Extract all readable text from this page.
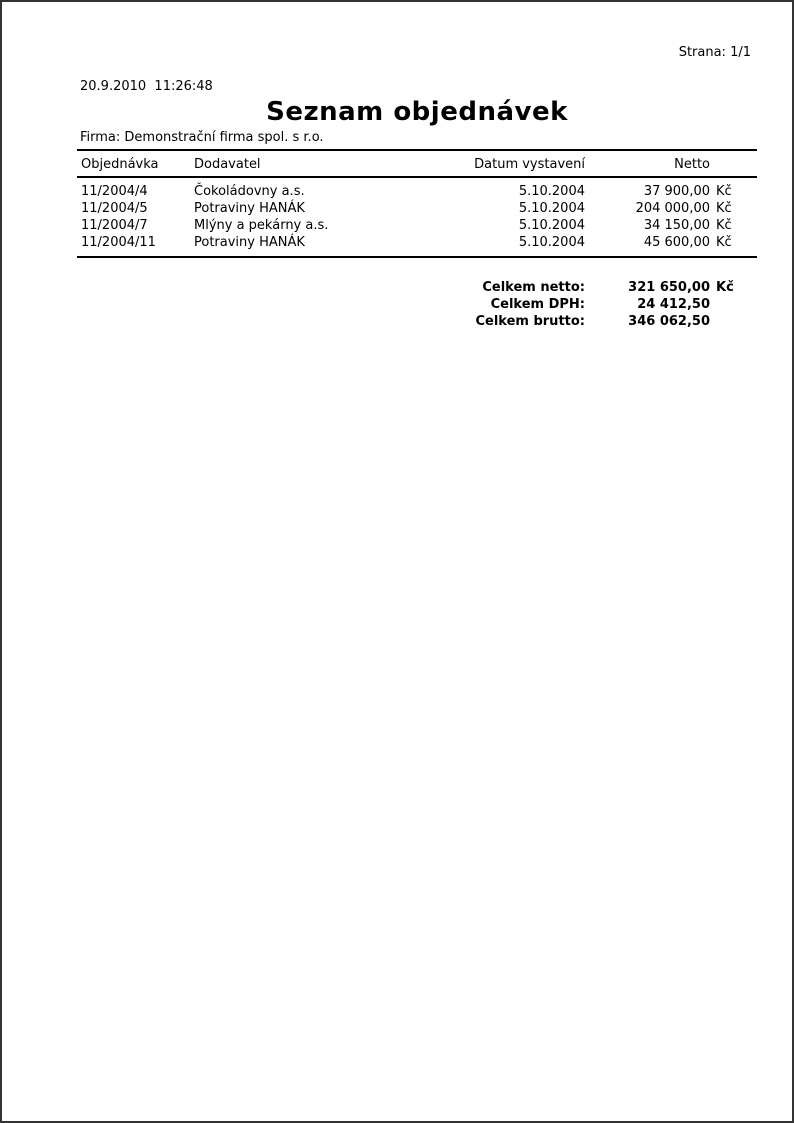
20.9.2010  11:26:48

Firma: Demonstrační firma spol. s r.o.

Strana: 1/1
Seznam objednávek
Objednávka	Dodavatel	Datum vystavení	Netto
11/2004/4	Čokoládovny a.s.	5.10.2004	37 900,00 Kč
11/2004/5	Potraviny HANÁK	5.10.2004	204 000,00 Kč
11/2004/7	Mlýny a pekárny a.s.	5.10.2004	34 150,00 Kč
11/2004/11	Potraviny HANÁK	5.10.2004	45 600,00 Kč
Celkem netto:	321 650,00 Kč
Celkem DPH:	24 412,50
Celkem brutto:	346 062,50
